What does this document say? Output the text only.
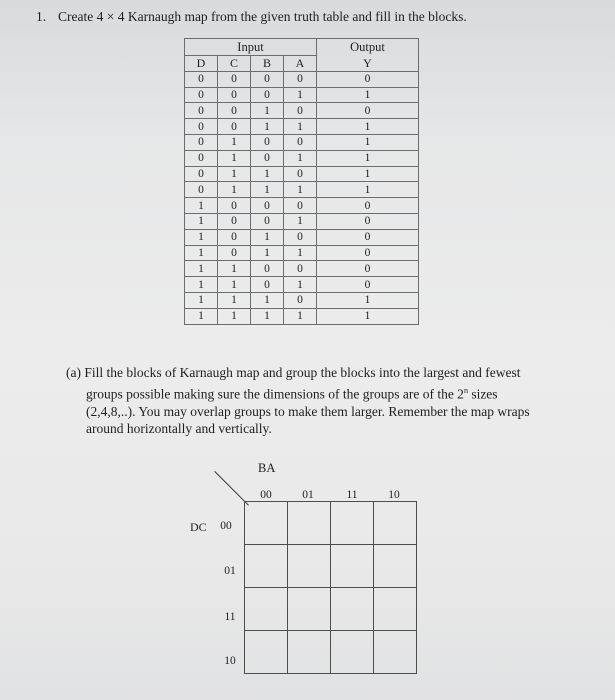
1. Create 4 × 4 Karnaugh map from the given truth table and fill in the blocks.
Input				Output
D	C	B	A	Y
0	0	0	0	0
0	0	0	1	1
0	0	1	0	0
0	0	1	1	1
0	1	0	0	1
0	1	0	1	1
0	1	1	0	1
0	1	1	1	1
1	0	0	0	0
1	0	0	1	0
1	0	1	0	0
1	0	1	1	0
1	1	0	0	0
1	1	0	1	0
1	1	1	0	1
1	1	1	1	1
(a) Fill the blocks of Karnaugh map and group the blocks into the largest and fewest
groups possible making sure the dimensions of the groups are of the 2$^n$ sizes
(2,4,8,..). You may overlap groups to make them larger. Remember the map wraps
around horizontally and vertically.
BA
00	01	11	10
DC	00
01
11
10
